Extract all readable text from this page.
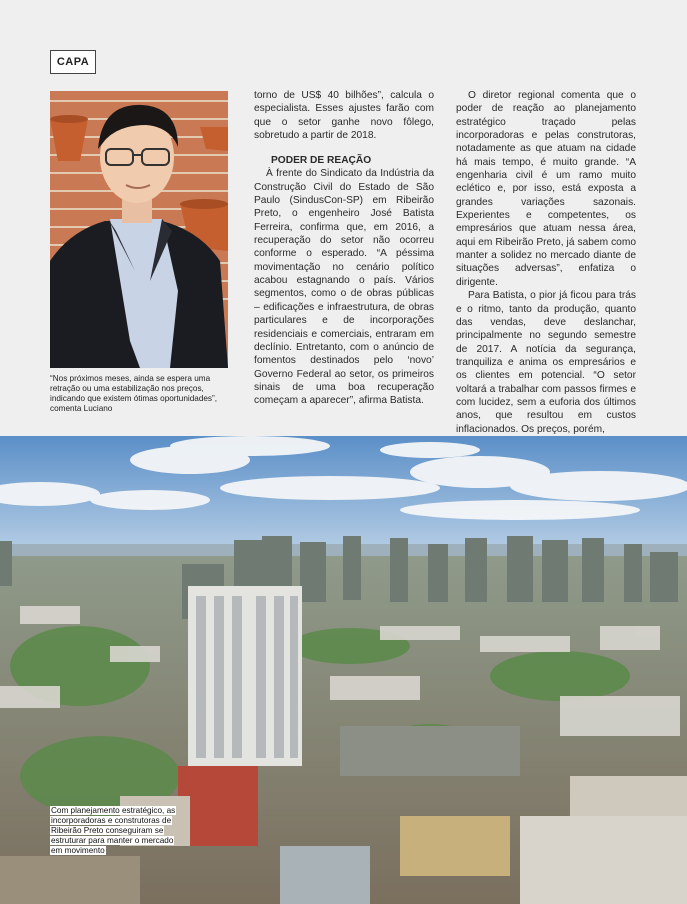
CAPA
“Nos próximos meses, ainda se espera uma retração ou uma estabilização nos preços, indicando que existem ótimas oportunidades”, comenta Luciano

torno de US$ 40 bilhões”, calcula o especialista. Esses ajustes farão com que o setor ganhe novo fôlego, sobretudo a partir de 2018.

PODER DE REAÇÃO

À frente do Sindicato da Indústria da Construção Civil do Estado de São Paulo (SindusCon-SP) em Ribeirão Preto, o engenheiro José Batista Ferreira, confirma que, em 2016, a recuperação do setor não ocorreu conforme o esperado. “A péssima movimentação no cenário político acabou estagnando o país. Vários segmentos, como o de obras públicas – edificações e infraestrutura, de obras particulares e de incorporações residenciais e comerciais, entraram em declínio. Entretanto, com o anúncio de fomentos destinados pelo ‘novo’ Governo Federal ao setor, os primeiros sinais de uma boa recuperação começam a aparecer”, afirma Batista.

O diretor regional comenta que o poder de reação ao planejamento estratégico traçado pelas incorporadoras e pelas construtoras, notadamente as que atuam na cidade há mais tempo, é muito grande. “A engenharia civil é um ramo muito eclético e, por isso, está exposta a grandes variações sazonais. Experientes e competentes, os empresários que atuam nessa área, aqui em Ribeirão Preto, já sabem como manter a solidez no mercado diante de situações adversas”, enfatiza o dirigente.

Para Batista, o pior já ficou para trás e o ritmo, tanto da produção, quanto das vendas, deve deslanchar, principalmente no segundo semestre de 2017. A notícia da segurança, tranquiliza e anima os empresários e os clientes em potencial. “O setor voltará a trabalhar com passos firmes e com lucidez, sem a euforia dos últimos anos, que resultou em custos inflacionados. Os preços, porém,

Com planejamento estratégico, as incorporadoras e construtoras de Ribeirão Preto conseguiram se estruturar para manter o mercado em movimento
